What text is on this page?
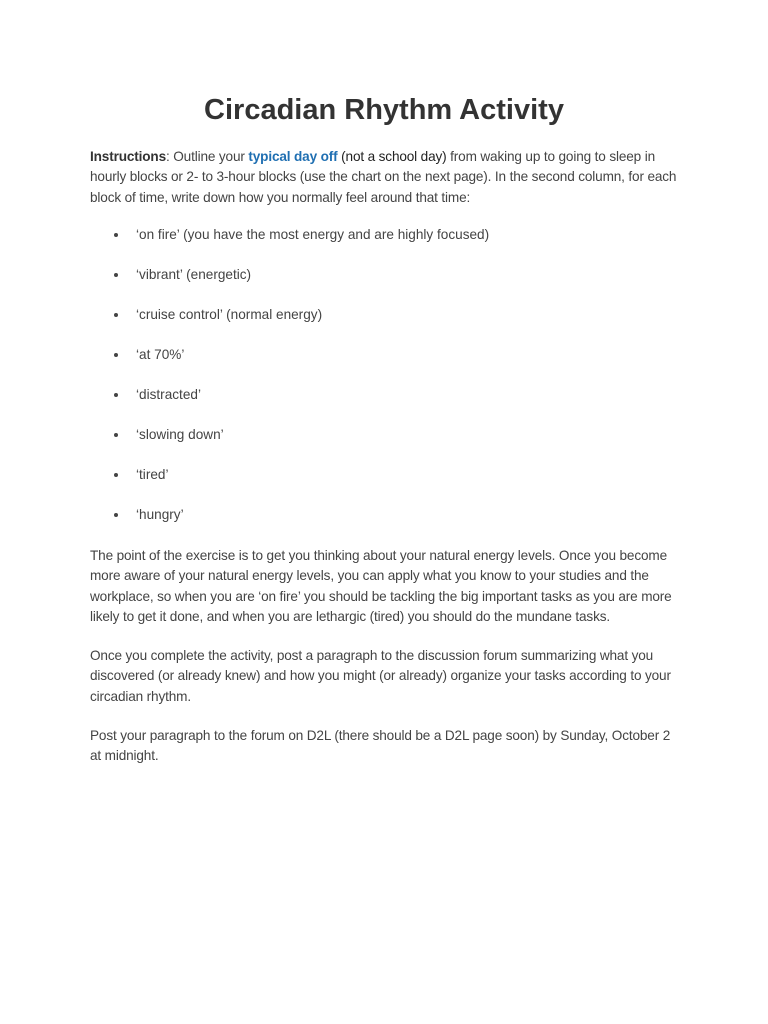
Circadian Rhythm Activity

Instructions: Outline your typical day off (not a school day) from waking up to going to sleep in hourly blocks or 2- to 3-hour blocks (use the chart on the next page). In the second column, for each block of time, write down how you normally feel around that time:

‘on fire’ (you have the most energy and are highly focused)
‘vibrant’ (energetic)
‘cruise control’ (normal energy)
‘at 70%’
‘distracted’
‘slowing down’
‘tired’
‘hungry’

The point of the exercise is to get you thinking about your natural energy levels. Once you become more aware of your natural energy levels, you can apply what you know to your studies and the workplace, so when you are ‘on fire’ you should be tackling the big important tasks as you are more likely to get it done, and when you are lethargic (tired) you should do the mundane tasks.

Once you complete the activity, post a paragraph to the discussion forum summarizing what you discovered (or already knew) and how you might (or already) organize your tasks according to your circadian rhythm.

Post your paragraph to the forum on D2L (there should be a D2L page soon) by Sunday, October 2 at midnight.
